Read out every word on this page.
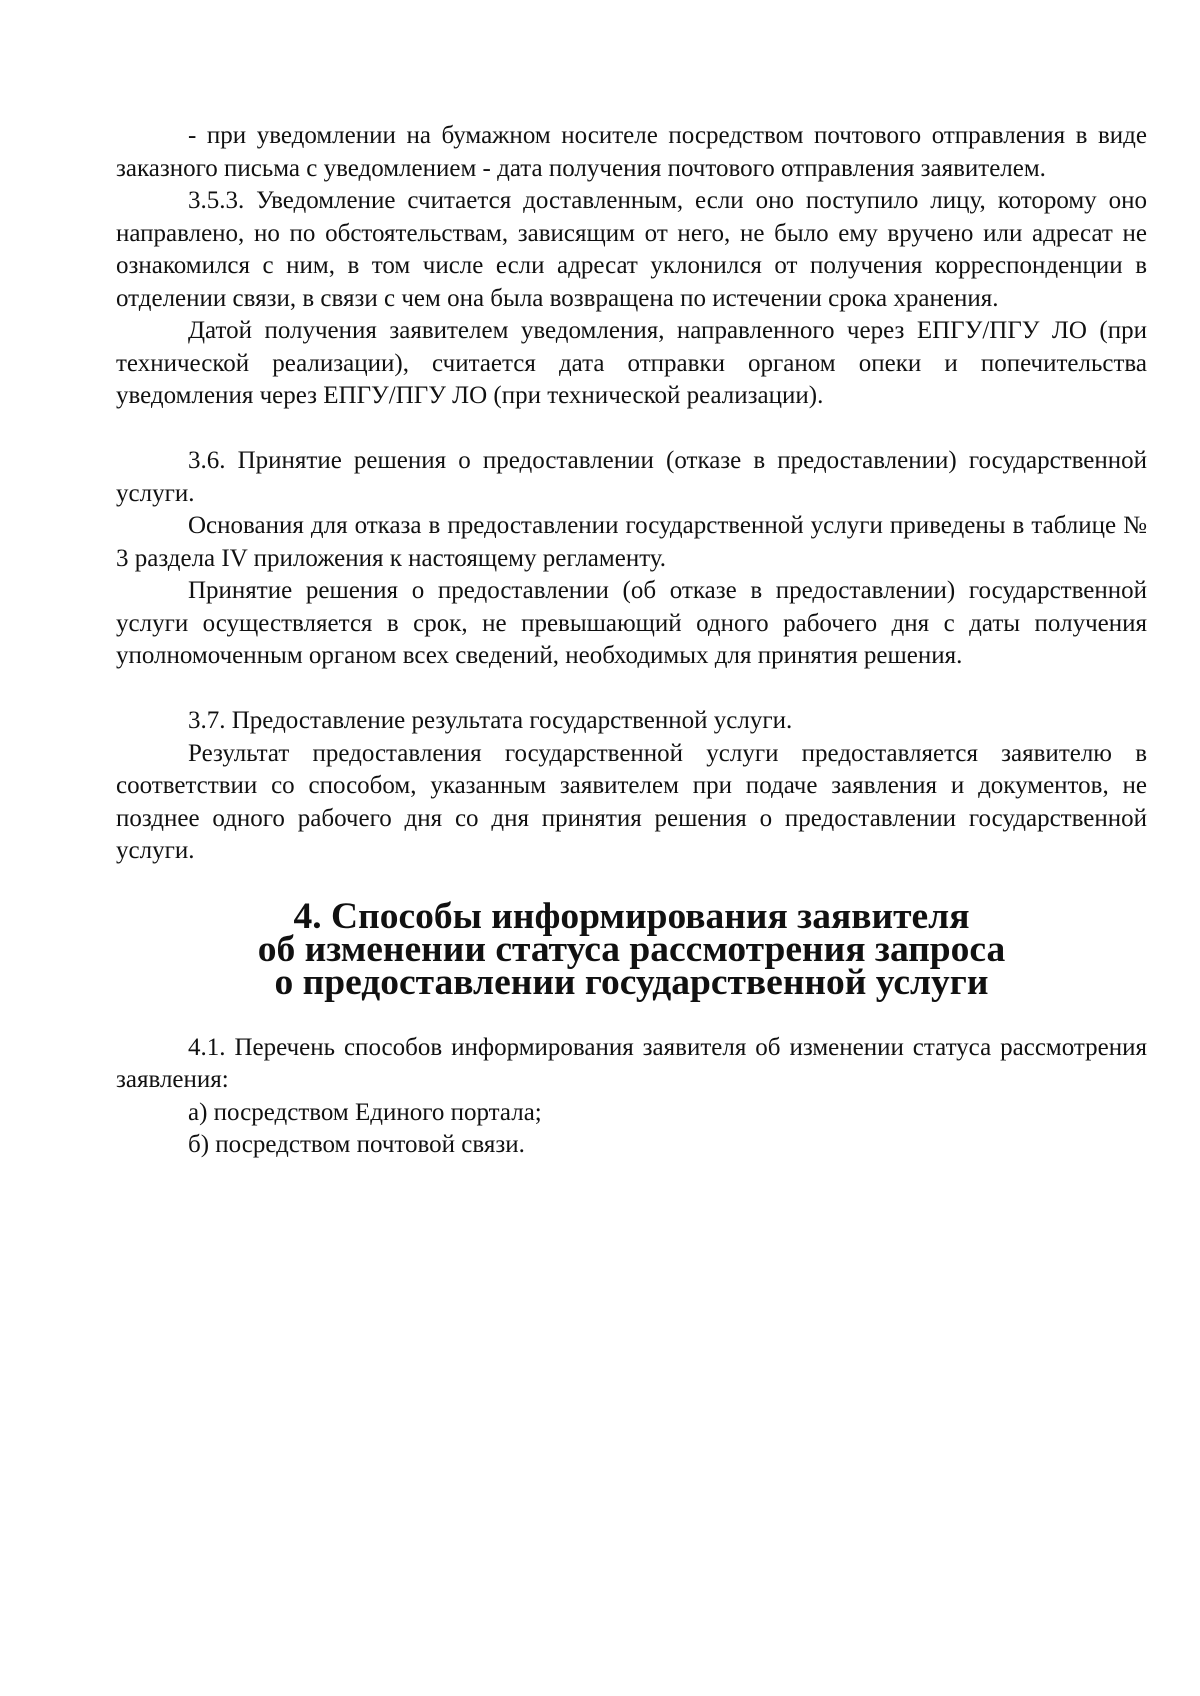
- при уведомлении на бумажном носителе посредством почтового отправления в виде заказного письма с уведомлением - дата получения почтового отправления заявителем.

3.5.3. Уведомление считается доставленным, если оно поступило лицу, которому оно направлено, но по обстоятельствам, зависящим от него, не было ему вручено или адресат не ознакомился с ним, в том числе если адресат уклонился от получения корреспонденции в отделении связи, в связи с чем она была возвращена по истечении срока хранения.

Датой получения заявителем уведомления, направленного через ЕПГУ/ПГУ ЛО (при технической реализации), считается дата отправки органом опеки и попечительства уведомления через ЕПГУ/ПГУ ЛО (при технической реализации).

3.6. Принятие решения о предоставлении (отказе в предоставлении) государственной услуги.

Основания для отказа в предоставлении государственной услуги приведены в таблице № 3 раздела IV приложения к настоящему регламенту.

Принятие решения о предоставлении (об отказе в предоставлении) государственной услуги осуществляется в срок, не превышающий одного рабочего дня с даты получения уполномоченным органом всех сведений, необходимых для принятия решения.

3.7. Предоставление результата государственной услуги.

Результат предоставления государственной услуги предоставляется заявителю в соответствии со способом, указанным заявителем при подаче заявления и документов, не позднее одного рабочего дня со дня принятия решения о предоставлении государственной услуги.

4. Способы информирования заявителя
об изменении статуса рассмотрения запроса
о предоставлении государственной услуги

4.1. Перечень способов информирования заявителя об изменении статуса рассмотрения заявления:

а) посредством Единого портала;

б) посредством почтовой связи.
